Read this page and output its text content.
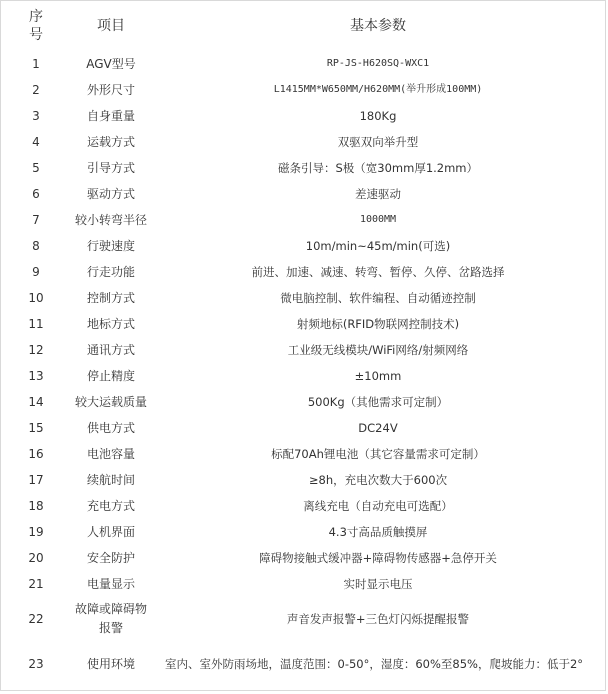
序号	项目	基本参数
1	AGV型号	RP-JS-H620SQ-WXC1
2	外形尺寸	L1415MM*W650MM/H620MM(举升形成100MM)
3	自身重量	180Kg
4	运载方式	双驱双向举升型
5	引导方式	磁条引导：S极（宽30mm厚1.2mm）
6	驱动方式	差速驱动
7	较小转弯半径	1000MM
8	行驶速度	10m/min~45m/min(可选)
9	行走功能	前进、加速、减速、转弯、暂停、久停、岔路选择
10	控制方式	微电脑控制、软件编程、自动循迹控制
11	地标方式	射频地标(RFID物联网控制技术)
12	通讯方式	工业级无线模块/WiFi网络/射频网络
13	停止精度	±10mm
14	较大运载质量	500Kg（其他需求可定制）
15	供电方式	DC24V
16	电池容量	标配70Ah锂电池（其它容量需求可定制）
17	续航时间	≥8h，充电次数大于600次
18	充电方式	离线充电（自动充电可选配）
19	人机界面	4.3寸高品质触摸屏
20	安全防护	障碍物接触式缓冲器+障碍物传感器+急停开关
21	电量显示	实时显示电压
22	故障或障碍物报警	声音发声报警+三色灯闪烁提醒报警
23	使用环境	室内、室外防雨场地，温度范围：0-50°，湿度：60%至85%，爬坡能力：低于2°
